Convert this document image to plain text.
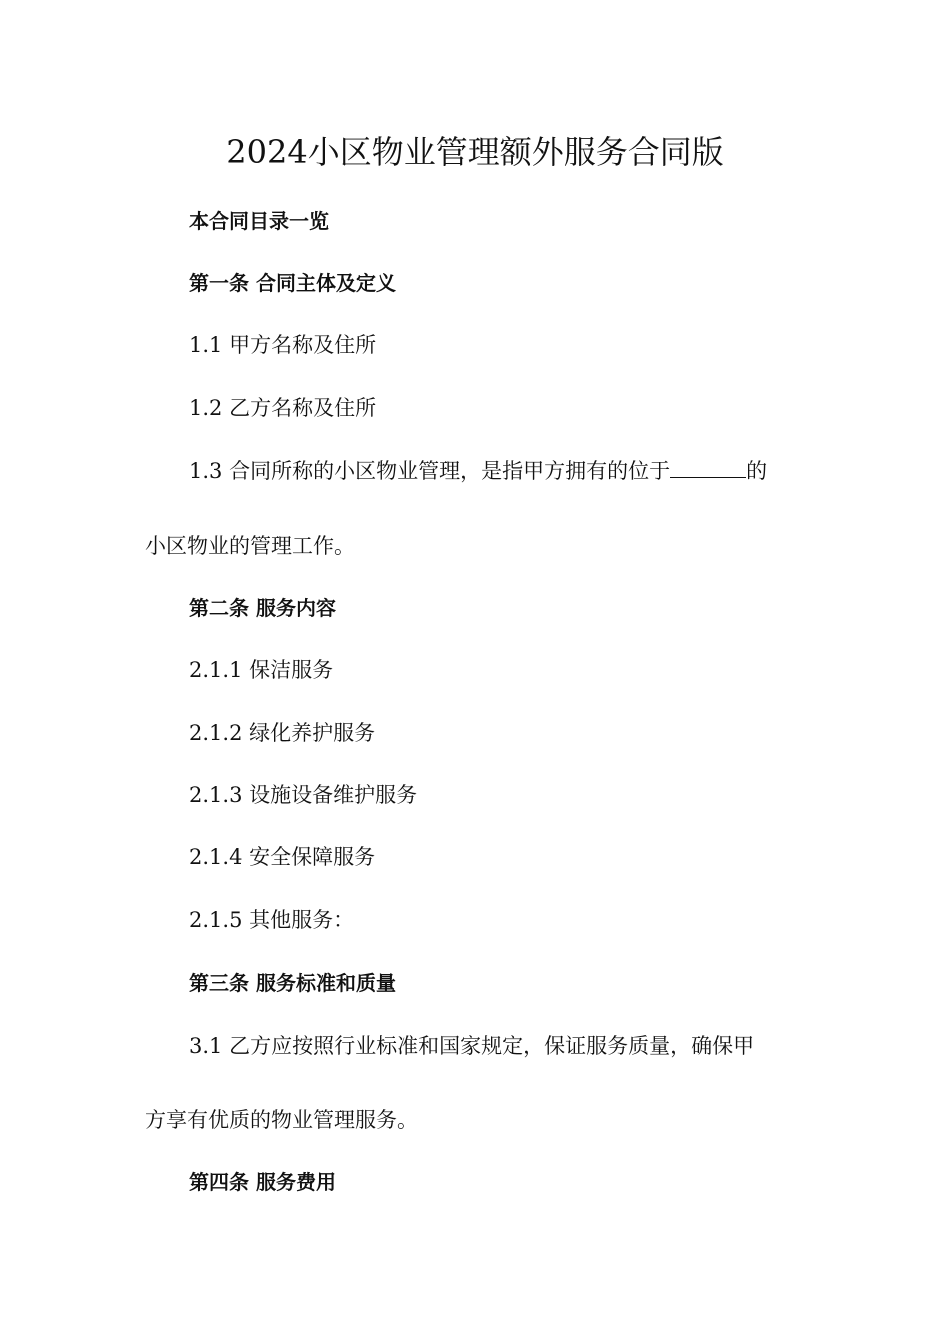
2024小区物业管理额外服务合同版

本合同目录一览

第一条 合同主体及定义

1.1 甲方名称及住所

1.2 乙方名称及住所

1.3 合同所称的小区物业管理，是指甲方拥有的位于	的

小区物业的管理工作。

第二条 服务内容

2.1.1 保洁服务

2.1.2 绿化养护服务

2.1.3 设施设备维护服务

2.1.4 安全保障服务

2.1.5 其他服务：

第三条 服务标准和质量

3.1 乙方应按照行业标准和国家规定，保证服务质量，确保甲

方享有优质的物业管理服务。

第四条 服务费用
